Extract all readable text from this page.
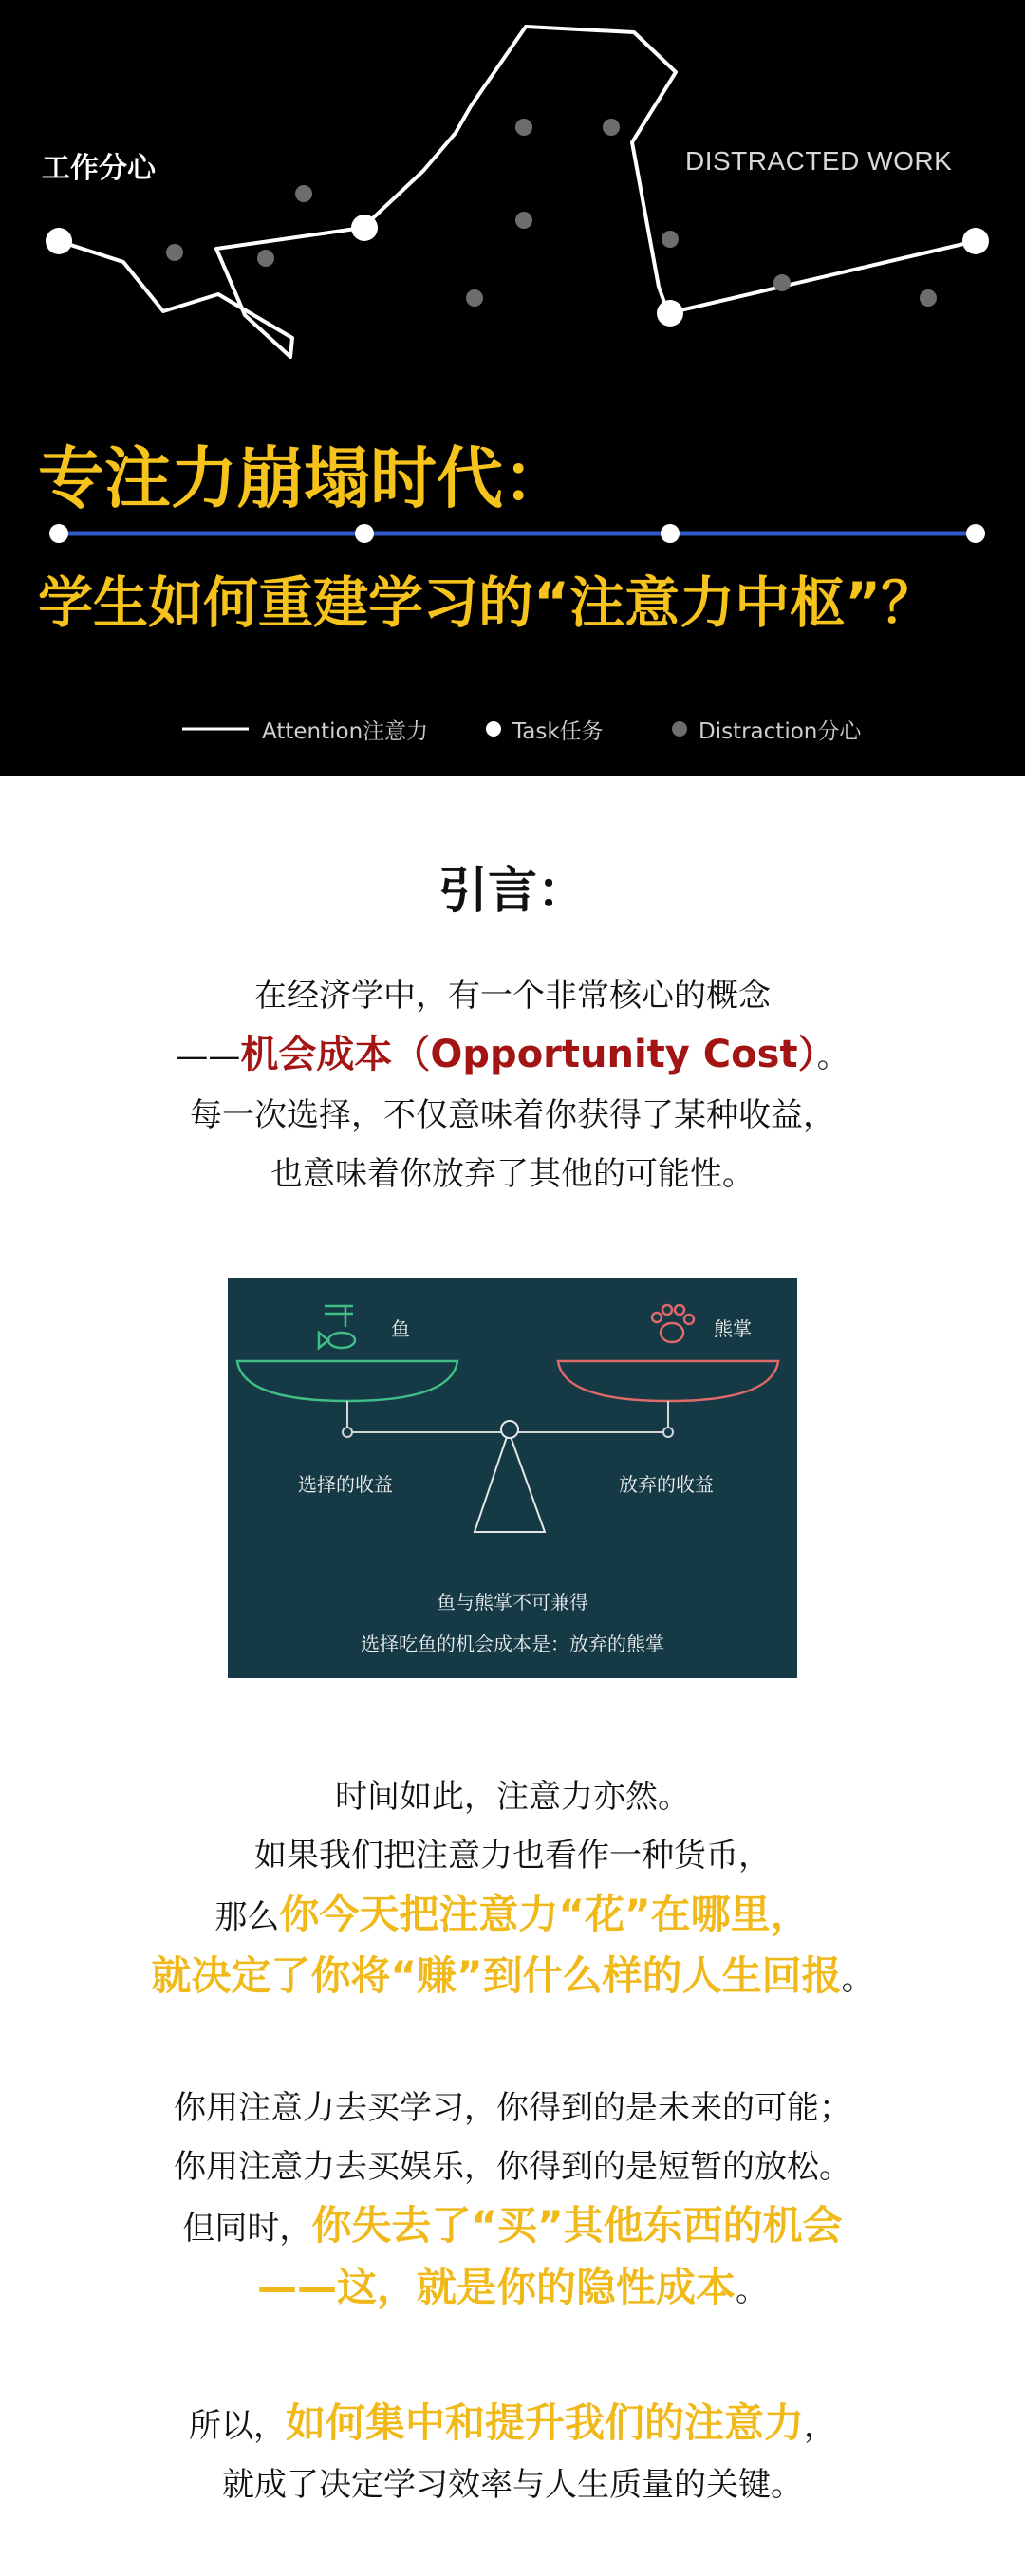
工作分心	DISTRACTED WORK
专注力崩塌时代：
学生如何重建学习的“注意力中枢”？
Attention注意力	Task任务	Distraction分心
引言：
在经济学中，有一个非常核心的概念
——机会成本（Opportunity Cost）。
每一次选择，不仅意味着你获得了某种收益，
也意味着你放弃了其他的可能性。
鱼	熊掌
选择的收益	放弃的收益
鱼与熊掌不可兼得
选择吃鱼的机会成本是：放弃的熊掌
时间如此，注意力亦然。
如果我们把注意力也看作一种货币，
那么你今天把注意力“花”在哪里，
就决定了你将“赚”到什么样的人生回报。
你用注意力去买学习，你得到的是未来的可能；
你用注意力去买娱乐，你得到的是短暂的放松。
但同时，你失去了“买”其他东西的机会
——这，就是你的隐性成本。
所以，如何集中和提升我们的注意力，
就成了决定学习效率与人生质量的关键。
